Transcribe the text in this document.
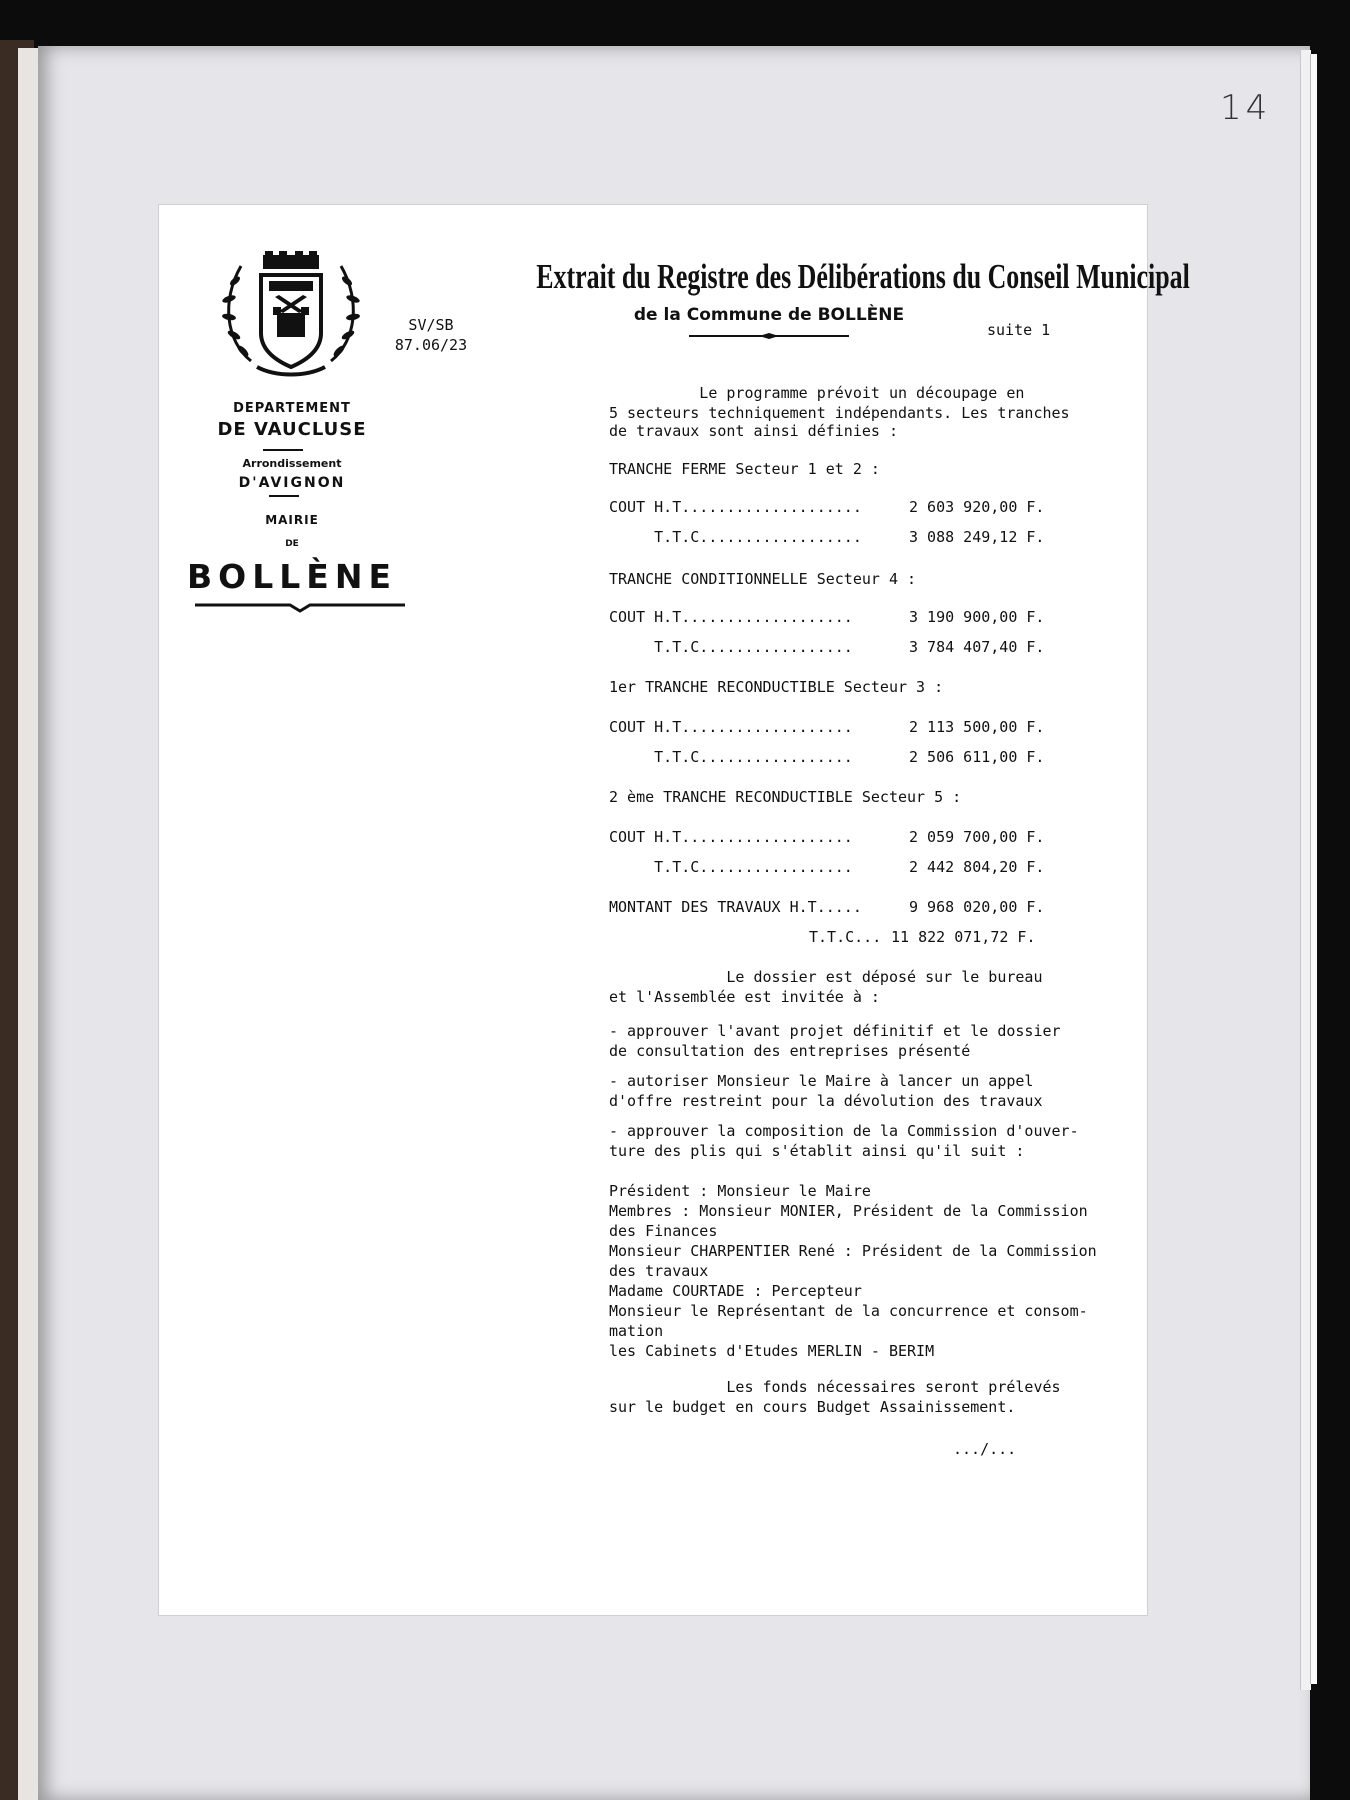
14
DEPARTEMENT
DE VAUCLUSE
Arrondissement
D'AVIGNON
MAIRIE
DE
BOLLÈNE
Extrait du Registre des Délibérations du Conseil Municipal
de la Commune de BOLLÈNE
SV/SB
87.06/23
suite 1
Le programme prévoit un découpage en
5 secteurs techniquement indépendants. Les tranches
de travaux sont ainsi définies :
TRANCHE FERME Secteur 1 et 2 :
COUT H.T....................	2 603 920,00 F.
T.T.C..................	3 088 249,12 F.
TRANCHE CONDITIONNELLE Secteur 4 :
COUT H.T...................	3 190 900,00 F.
T.T.C.................	3 784 407,40 F.
1er TRANCHE RECONDUCTIBLE Secteur 3 :
COUT H.T...................	2 113 500,00 F.
T.T.C.................	2 506 611,00 F.
2 ème TRANCHE RECONDUCTIBLE Secteur 5 :
COUT H.T...................	2 059 700,00 F.
T.T.C.................	2 442 804,20 F.
MONTANT DES TRAVAUX H.T.....	9 968 020,00 F.
T.T.C... 11 822 071,72 F.
Le dossier est déposé sur le bureau
et l'Assemblée est invitée à :
- approuver l'avant projet définitif et le dossier
de consultation des entreprises présenté
- autoriser Monsieur le Maire à lancer un appel
d'offre restreint pour la dévolution des travaux
- approuver la composition de la Commission d'ouver-
ture des plis qui s'établit ainsi qu'il suit :
Président : Monsieur le Maire
Membres : Monsieur MONIER, Président de la Commission
des Finances
Monsieur CHARPENTIER René : Président de la Commission
des travaux
Madame COURTADE : Percepteur
Monsieur le Représentant de la concurrence et consom-
mation
les Cabinets d'Etudes MERLIN - BERIM
Les fonds nécessaires seront prélevés
sur le budget en cours Budget Assainissement.
.../...
